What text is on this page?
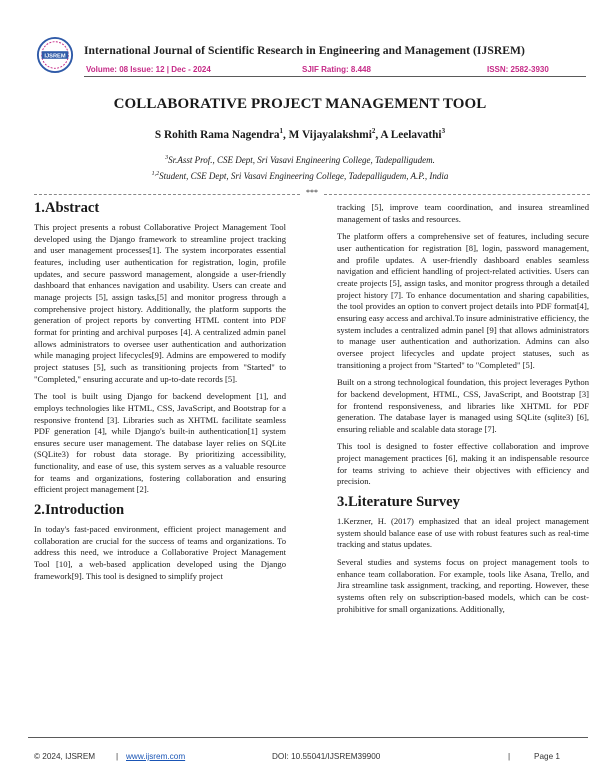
IJSREM International Journal of Scientific Research in Engineering and Management (IJSREM)
Volume: 08 Issue: 12 | Dec - 2024	SJIF Rating: 8.448	ISSN: 2582-3930
COLLABORATIVE PROJECT MANAGEMENT TOOL
S Rohith Rama Nagendra$^1$, M Vijayalakshmi$^2$, A Leelavathi$^3$
$^3$Sr.Asst Prof., CSE Dept, Sri Vasavi Engineering College, Tadepalligudem.
$^{1,2}$Student, CSE Dept, Sri Vasavi Engineering College, Tadepalligudem, A.P., India
***
1.Abstract

This project presents a robust Collaborative Project Management Tool developed using the Django framework to streamline project tracking and user management processes[1]. The system incorporates essential features, including user authentication for registration, login, profile updates, and secure password management, alongside a user-friendly dashboard that enhances navigation and usability. Users can create and manage projects [5], assign tasks,[5] and monitor progress through a comprehensive project history. Additionally, the platform supports the generation of project reports by converting HTML content into PDF format for printing and archival purposes [4]. A centralized admin panel allows administrators to oversee user authentication and authorization while managing project lifecycles[9]. Admins are empowered to modify project statuses [5], such as transitioning projects from "Started" to "Completed," ensuring accurate and up-to-date records [5].

The tool is built using Django for backend development [1], and employs technologies like HTML, CSS, JavaScript, and Bootstrap for a responsive frontend [3]. Libraries such as XHTML facilitate seamless PDF generation [4], while Django's built-in authentication[1] system ensures secure user management. The database layer relies on SQLite (SQLite3) for robust data storage. By prioritizing accessibility, functionality, and ease of use, this system serves as a valuable resource for teams and organizations, fostering collaboration and ensuring efficient project management [2].

2.Introduction

In today's fast-paced environment, efficient project management and collaboration are crucial for the success of teams and organizations. To address this need, we introduce a Collaborative Project Management Tool [10], a web-based application developed using the Django framework[9]. This tool is designed to simplify project

tracking [5], improve team coordination, and insurea streamlined management of tasks and resources.

The platform offers a comprehensive set of features, including secure user authentication for registration [8], login, password management, and profile updates. A user-friendly dashboard enables seamless navigation and efficient handling of project-related activities. Users can create projects [5], assign tasks, and monitor progress through a detailed project history [7]. To enhance documentation and sharing capabilities, the tool provides an option to convert project details into PDF format[4], ensuring easy access and archival.To insure administrative efficiency, the system includes a centralized admin panel [9] that allows administrators to manage user authentication and authorization. Admins can also oversee project lifecycles and update project statuses, such as transitioning a project from "Started" to "Completed" [5].

Built on a strong technological foundation, this project leverages Python for backend development, HTML, CSS, JavaScript, and Bootstrap [3] for frontend responsiveness, and libraries like XHTML for PDF generation. The database layer is managed using SQLite (sqlite3) [6], ensuring reliable and scalable data storage [7].

This tool is designed to foster effective collaboration and improve project management practices [6], making it an indispensable resource for teams striving to achieve their objectives with efficiency and precision.

3.Literature Survey

1.Kerzner, H. (2017) emphasized that an ideal project management system should balance ease of use with robust features such as real-time tracking and status updates.

Several studies and systems focus on project management tools to enhance team collaboration. For example, tools like Asana, Trello, and Jira streamline task assignment, tracking, and reporting. However, these systems often rely on subscription-based models, which can be cost-prohibitive for small organizations. Additionally,

© 2024, IJSREM	| www.ijsrem.com	DOI: 10.55041/IJSREM39900	|	Page 1
